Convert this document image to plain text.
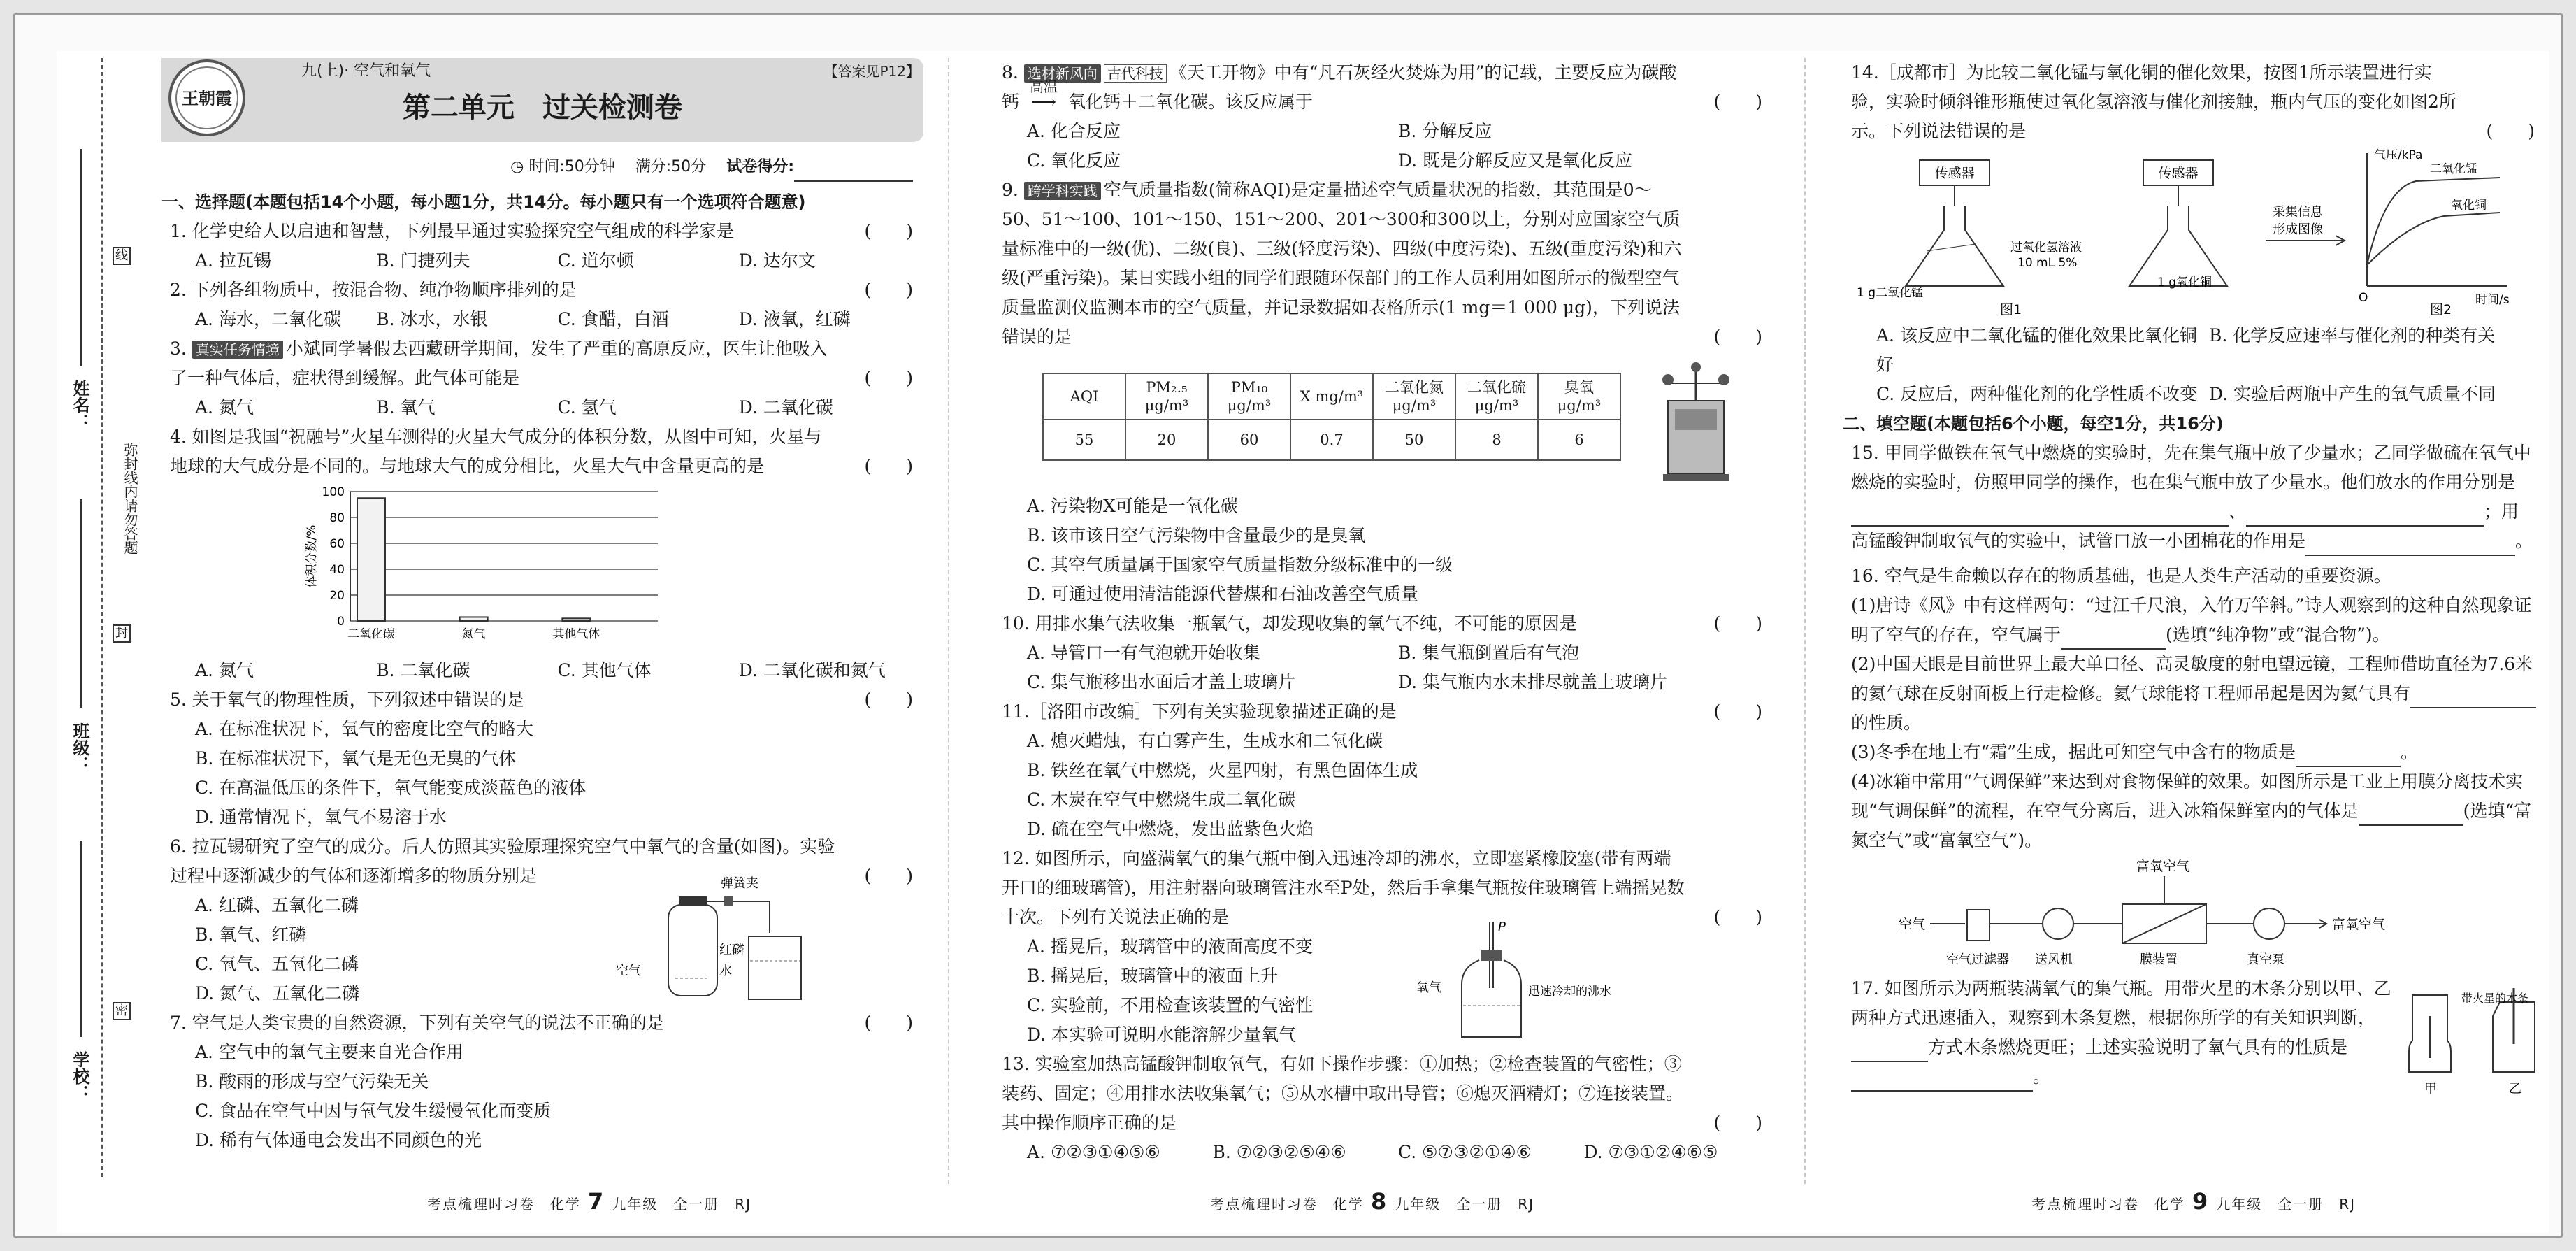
姓名：
班级：
学校：
线
封
密
弥封线内请勿答题
王朝霞
九(上)· 空气和氧气	【答案见P12】
第二单元　过关检测卷
◷ 时间:50分钟　 满分:50分　 试卷得分:
一、选择题(本题包括14个小题，每小题1分，共14分。每小题只有一个选项符合题意)
1. 化学史给人以启迪和智慧，下列最早通过实验探究空气组成的科学家是	(　　)
A. 拉瓦锡	B. 门捷列夫	C. 道尔顿	D. 达尔文
2. 下列各组物质中，按混合物、纯净物顺序排列的是	(　　)
A. 海水，二氧化碳	B. 冰水，水银	C. 食醋，白酒	D. 液氧，红磷
3. 真实任务情境 小斌同学暑假去西藏研学期间，发生了严重的高原反应，医生让他吸入了一种气体后，症状得到缓解。此气体可能是	(　　)
A. 氮气	B. 氧气	C. 氢气	D. 二氧化碳
4. 如图是我国“祝融号”火星车测得的火星大气成分的体积分数，从图中可知，火星与地球的大气成分是不同的。与地球大气的成分相比，火星大气中含量更高的是	(　　)
0
20
40
60
80
100
体积分数/%
二氧化碳	氮气	其他气体
A. 氮气	B. 二氧化碳	C. 其他气体	D. 二氧化碳和氮气
5. 关于氧气的物理性质，下列叙述中错误的是	(　　)
A. 在标准状况下，氧气的密度比空气的略大
B. 在标准状况下，氧气是无色无臭的气体
C. 在高温低压的条件下，氧气能变成淡蓝色的液体
D. 通常情况下，氧气不易溶于水
6. 拉瓦锡研究了空气的成分。后人仿照其实验原理探究空气中氧气的含量(如图)。实验过程中逐渐减少的气体和逐渐增多的物质分别是	(　　)
A. 红磷、五氧化二磷
B. 氧气、红磷
C. 氧气、五氧化二磷
D. 氮气、五氧化二磷
弹簧夹
红磷
空气	水
7. 空气是人类宝贵的自然资源，下列有关空气的说法不正确的是	(　　)
A. 空气中的氧气主要来自光合作用
B. 酸雨的形成与空气污染无关
C. 食品在空气中因与氧气发生缓慢氧化而变质
D. 稀有气体通电会发出不同颜色的光
考点梳理时习卷　化学 7 九年级　全一册　RJ
8. 选材新风向 古代科技 《天工开物》中有“凡石灰经火焚炼为用”的记载，主要反应为碳酸钙
高温
⟶ 氧化钙＋二氧化碳。该反应属于	(　　)
A. 化合反应	B. 分解反应
C. 氧化反应	D. 既是分解反应又是氧化反应
9. 跨学科实践 空气质量指数(简称AQI)是定量描述空气质量状况的指数，其范围是0～50、51～100、101～150、151～200、201～300和300以上，分别对应国家空气质量标准中的一级(优)、二级(良)、三级(轻度污染)、四级(中度污染)、五级(重度污染)和六级(严重污染)。某日实践小组的同学们跟随环保部门的工作人员利用如图所示的微型空气质量监测仪监测本市的空气质量，并记录数据如表格所示(1 mg＝1 000 μg)，下列说法错误的是	(　　)
AQI	PM₂.₅ μg/m³	PM₁₀ μg/m³	X mg/m³	二氧化氮 μg/m³	二氧化硫 μg/m³	臭氧 μg/m³
55	20	60	0.7	50	8	6
A. 污染物X可能是一氧化碳
B. 该市该日空气污染物中含量最少的是臭氧
C. 其空气质量属于国家空气质量指数分级标准中的一级
D. 可通过使用清洁能源代替煤和石油改善空气质量
10. 用排水集气法收集一瓶氧气，却发现收集的氧气不纯，不可能的原因是	(　　)
A. 导管口一有气泡就开始收集	B. 集气瓶倒置后有气泡
C. 集气瓶移出水面后才盖上玻璃片	D. 集气瓶内水未排尽就盖上玻璃片
11.［洛阳市改编］下列有关实验现象描述正确的是	(　　)
A. 熄灭蜡烛，有白雾产生，生成水和二氧化碳
B. 铁丝在氧气中燃烧，火星四射，有黑色固体生成
C. 木炭在空气中燃烧生成二氧化碳
D. 硫在空气中燃烧，发出蓝紫色火焰
12. 如图所示，向盛满氧气的集气瓶中倒入迅速冷却的沸水，立即塞紧橡胶塞(带有两端开口的细玻璃管)，用注射器向玻璃管注水至P处，然后手拿集气瓶按住玻璃管上端摇晃数十次。下列有关说法正确的是	(　　)
A. 摇晃后，玻璃管中的液面高度不变
B. 摇晃后，玻璃管中的液面上升
C. 实验前，不用检查该装置的气密性
D. 本实验可说明水能溶解少量氧气
P
氧气	迅速冷却的沸水
13. 实验室加热高锰酸钾制取氧气，有如下操作步骤：①加热；②检查装置的气密性；③装药、固定；④用排水法收集氧气；⑤从水槽中取出导管；⑥熄灭酒精灯；⑦连接装置。其中操作顺序正确的是	(　　)
A. ⑦②③①④⑤⑥	B. ⑦②③②⑤④⑥	C. ⑤⑦③②①④⑥	D. ⑦③①②④⑥⑤
考点梳理时习卷　化学 8 九年级　全一册　RJ
14.［成都市］为比较二氧化锰与氧化铜的催化效果，按图1所示装置进行实验，实验时倾斜锥形瓶使过氧化氢溶液与催化剂接触，瓶内气压的变化如图2所示。下列说法错误的是	(　　)
传感器
1 g二氧化锰
过氧化氢溶液
10 mL 5%
传感器
1 g氧化铜
图1
采集信息
形成图像
气压/kPa
时间/s
O
二氧化锰
氧化铜
图2
A. 该反应中二氧化锰的催化效果比氧化铜好
B. 化学反应速率与催化剂的种类有关
C. 反应后，两种催化剂的化学性质不改变 D. 实验后两瓶中产生的氧气质量不同
二、填空题(本题包括6个小题，每空1分，共16分)
15. 甲同学做铁在氧气中燃烧的实验时，先在集气瓶中放了少量水；乙同学做硫在氧气中燃烧的实验时，仿照甲同学的操作，也在集气瓶中放了少量水。他们放水的作用分别是
、	；用
高锰酸钾制取氧气的实验中，试管口放一小团棉花的作用是	。
16. 空气是生命赖以存在的物质基础，也是人类生产活动的重要资源。
(1)唐诗《风》中有这样两句：“过江千尺浪，入竹万竿斜。”诗人观察到的这种自然现象证明了空气的存在，空气属于	(选填“纯净物”或“混合物”)。
(2)中国天眼是目前世界上最大单口径、高灵敏度的射电望远镜，工程师借助直径为7.6米的氦气球在反射面板上行走检修。氦气球能将工程师吊起是因为氦气具有的性质。
(3)冬季在地上有“霜”生成，据此可知空气中含有的物质是	。
(4)冰箱中常用“气调保鲜”来达到对食物保鲜的效果。如图所示是工业上用膜分离技术实现“气调保鲜”的流程，在空气分离后，进入冰箱保鲜室内的气体是	(选填“富氮空气”或“富氧空气”)。
空气
富氧空气
富氧空气
空气过滤器 送风机	膜装置	真空泵
17. 如图所示为两瓶装满氧气的集气瓶。用带火星的木条分别以甲、乙两种方式迅速插入，观察到木条复燃，根据你所学的有关知识判断，方式木条燃烧更旺；上述实验说明了氧气具有的性质是。
带火星的木条
甲	乙
考点梳理时习卷　化学 9 九年级　全一册　RJ
